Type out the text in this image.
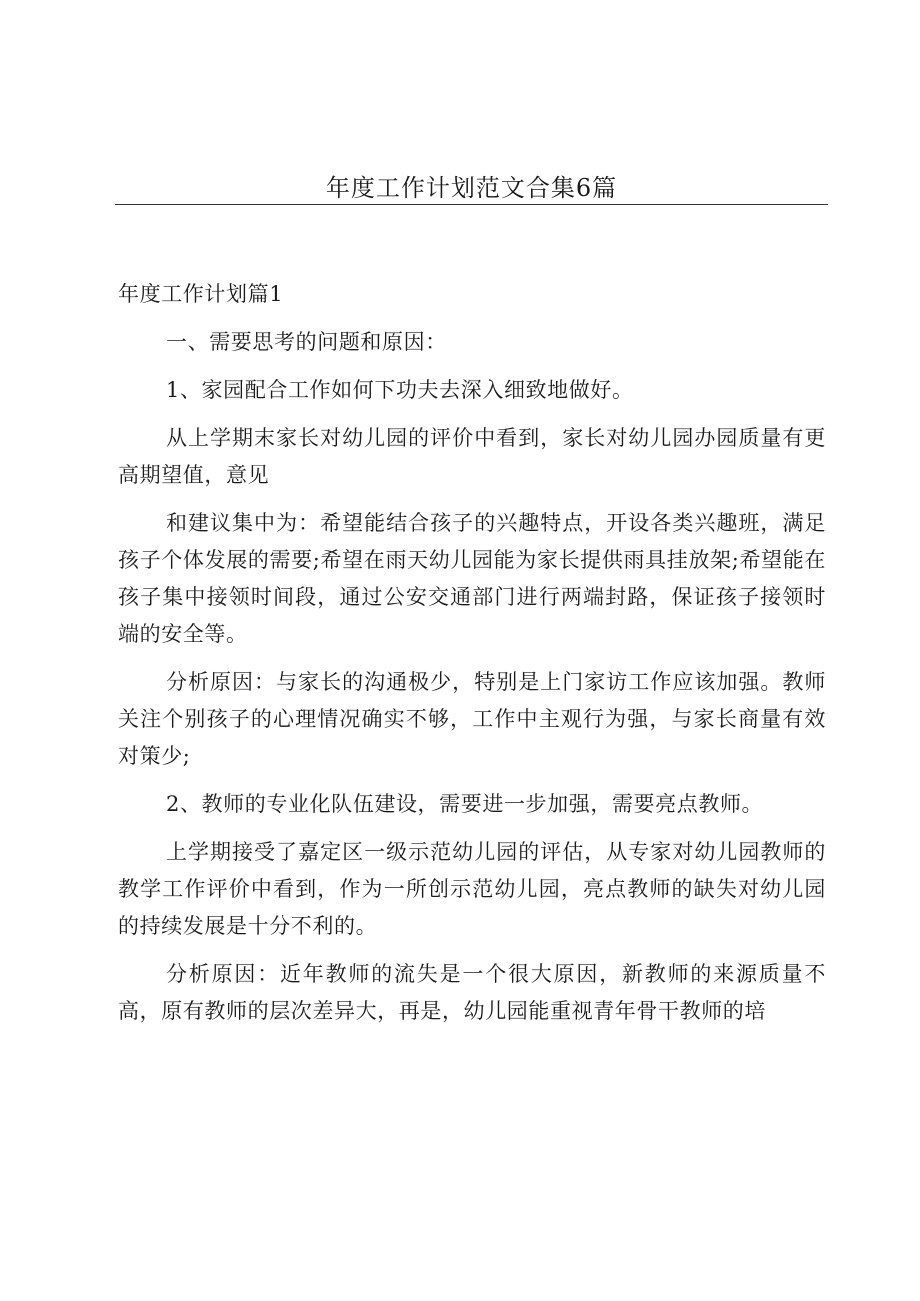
年度工作计划范文合集6篇

年度工作计划篇1

一、需要思考的问题和原因：

1、家园配合工作如何下功夫去深入细致地做好。

从上学期末家长对幼儿园的评价中看到，家长对幼儿园办园质量有更高期望值，意见

和建议集中为：希望能结合孩子的兴趣特点，开设各类兴趣班，满足孩子个体发展的需要;希望在雨天幼儿园能为家长提供雨具挂放架;希望能在孩子集中接领时间段，通过公安交通部门进行两端封路，保证孩子接领时端的安全等。

分析原因：与家长的沟通极少，特别是上门家访工作应该加强。教师关注个别孩子的心理情况确实不够，工作中主观行为强，与家长商量有效对策少;

2、教师的专业化队伍建设，需要进一步加强，需要亮点教师。

上学期接受了嘉定区一级示范幼儿园的评估，从专家对幼儿园教师的教学工作评价中看到，作为一所创示范幼儿园，亮点教师的缺失对幼儿园的持续发展是十分不利的。

分析原因：近年教师的流失是一个很大原因，新教师的来源质量不高，原有教师的层次差异大，再是，幼儿园能重视青年骨干教师的培
